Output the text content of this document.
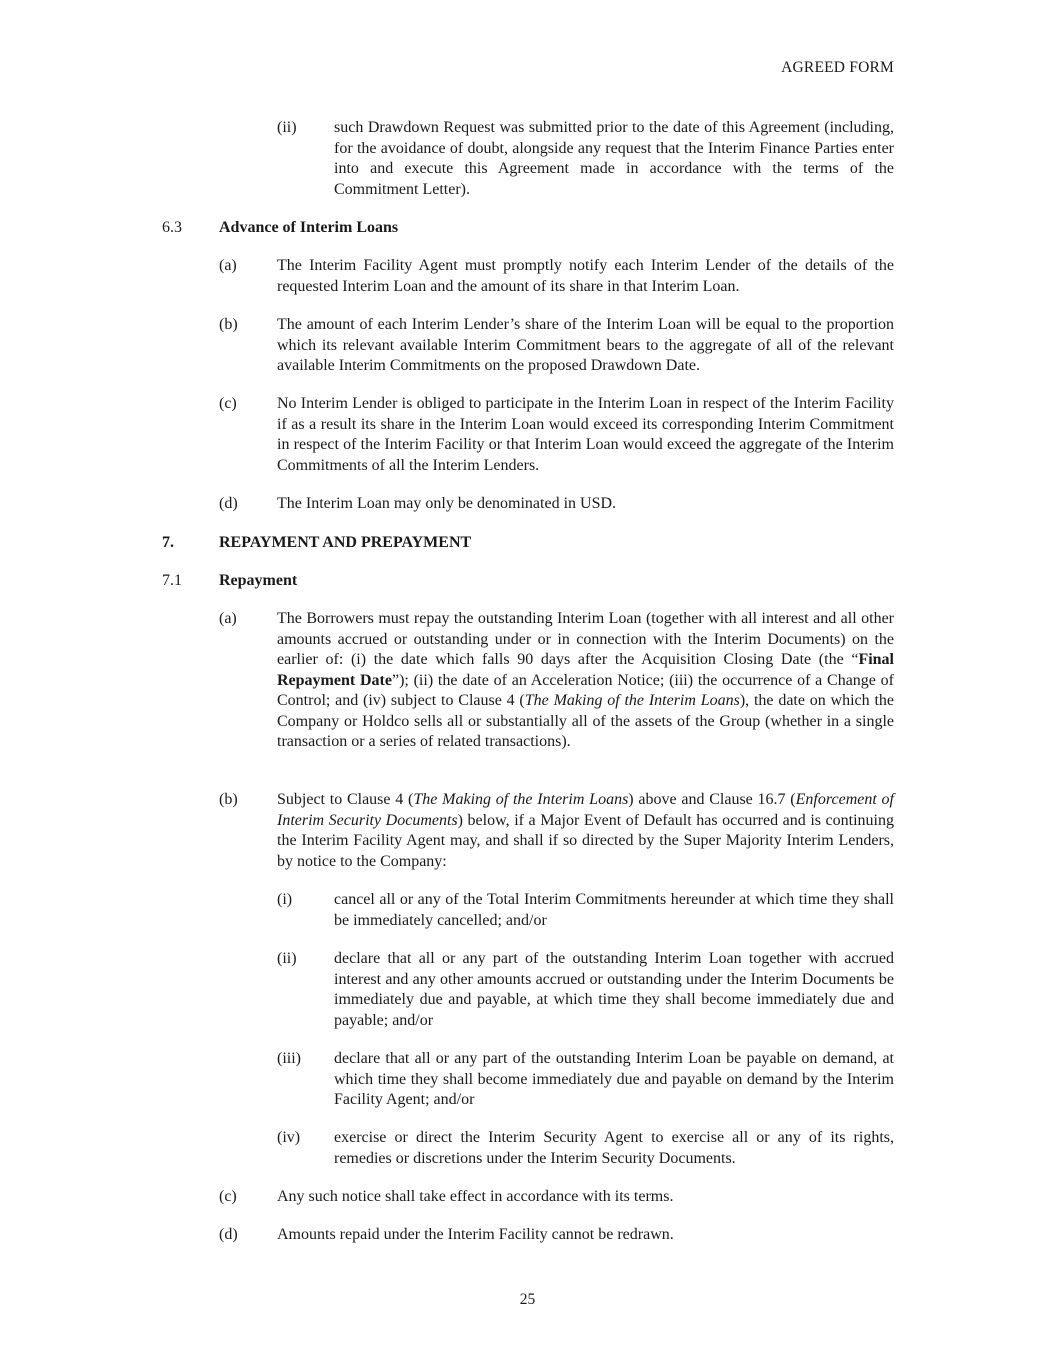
AGREED FORM
(ii) such Drawdown Request was submitted prior to the date of this Agreement (including, for the avoidance of doubt, alongside any request that the Interim Finance Parties enter into and execute this Agreement made in accordance with the terms of the Commitment Letter).
6.3 Advance of Interim Loans
(a)	The Interim Facility Agent must promptly notify each Interim Lender of the details of the requested Interim Loan and the amount of its share in that Interim Loan.
(b) The amount of each Interim Lender’s share of the Interim Loan will be equal to the proportion which its relevant available Interim Commitment bears to the aggregate of all of the relevant available Interim Commitments on the proposed Drawdown Date.
(c)	No Interim Lender is obliged to participate in the Interim Loan in respect of the Interim Facility if as a result its share in the Interim Loan would exceed its corresponding Interim Commitment in respect of the Interim Facility or that Interim Loan would exceed the aggregate of the Interim Commitments of all the Interim Lenders.
(d) The Interim Loan may only be denominated in USD.
7.	REPAYMENT AND PREPAYMENT
7.1 Repayment
(a)	The Borrowers must repay the outstanding Interim Loan (together with all interest and all other amounts accrued or outstanding under or in connection with the Interim Documents) on the earlier of: (i) the date which falls 90 days after the Acquisition Closing Date (the “Final Repayment Date”); (ii) the date of an Acceleration Notice; (iii) the occurrence of a Change of Control; and (iv) subject to Clause 4 (The Making of the Interim Loans), the date on which the Company or Holdco sells all or substantially all of the assets of the Group (whether in a single transaction or a series of related transactions).
(b) Subject to Clause 4 (The Making of the Interim Loans) above and Clause 16.7 (Enforcement of Interim Security Documents) below, if a Major Event of Default has occurred and is continuing the Interim Facility Agent may, and shall if so directed by the Super Majority Interim Lenders, by notice to the Company:
(i)	cancel all or any of the Total Interim Commitments hereunder at which time they shall be immediately cancelled; and/or
(ii) declare that all or any part of the outstanding Interim Loan together with accrued interest and any other amounts accrued or outstanding under the Interim Documents be immediately due and payable, at which time they shall become immediately due and payable; and/or
(iii) declare that all or any part of the outstanding Interim Loan be payable on demand, at which time they shall become immediately due and payable on demand by the Interim Facility Agent; and/or
(iv) exercise or direct the Interim Security Agent to exercise all or any of its rights, remedies or discretions under the Interim Security Documents.
(c)	Any such notice shall take effect in accordance with its terms.
(d) Amounts repaid under the Interim Facility cannot be redrawn.
25
